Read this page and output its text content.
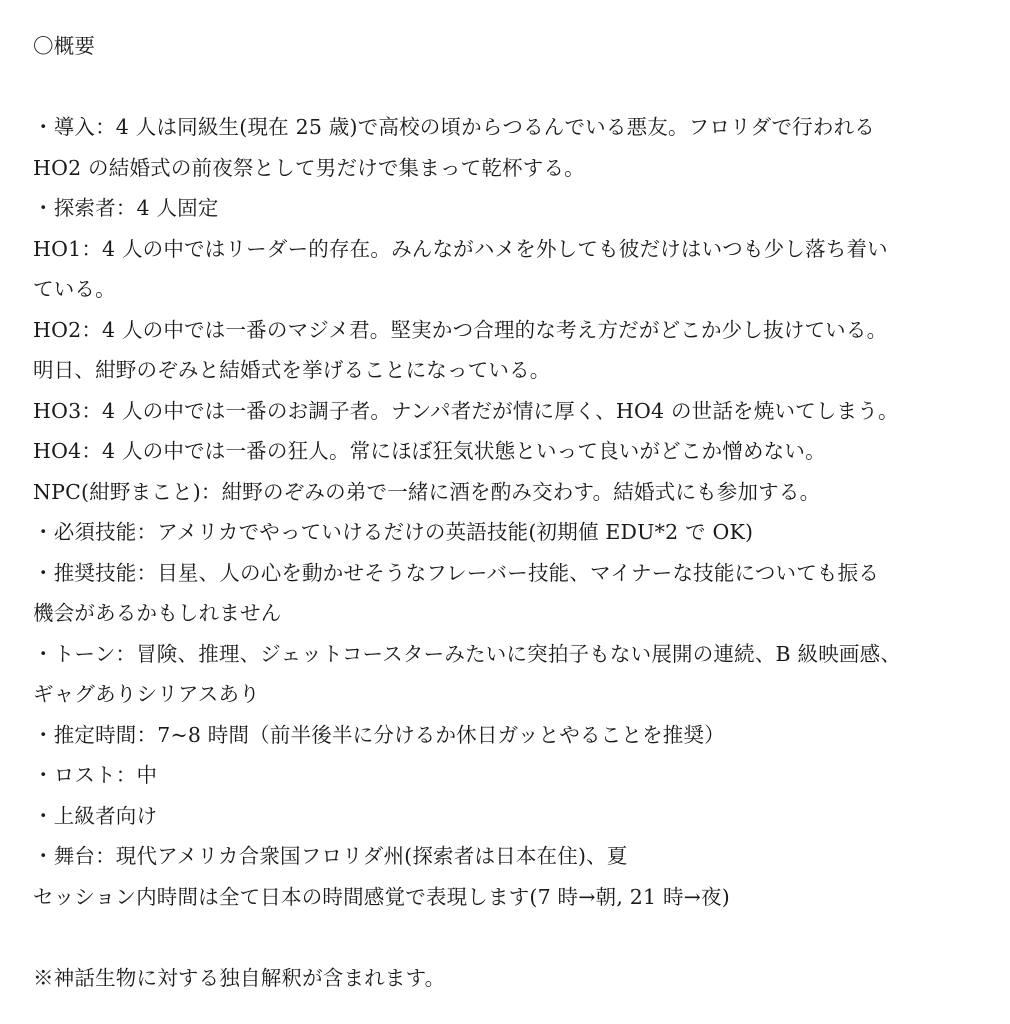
〇概要
・導入：4 人は同級生(現在 25 歳)で高校の頃からつるんでいる悪友。フロリダで行われる
HO2 の結婚式の前夜祭として男だけで集まって乾杯する。
・探索者：4 人固定
HO1：4 人の中ではリーダー的存在。みんながハメを外しても彼だけはいつも少し落ち着い
ている。
HO2：4 人の中では一番のマジメ君。堅実かつ合理的な考え方だがどこか少し抜けている。
明日、紺野のぞみと結婚式を挙げることになっている。
HO3：4 人の中では一番のお調子者。ナンパ者だが情に厚く、HO4 の世話を焼いてしまう。
HO4：4 人の中では一番の狂人。常にほぼ狂気状態といって良いがどこか憎めない。
NPC(紺野まこと)：紺野のぞみの弟で一緒に酒を酌み交わす。結婚式にも参加する。
・必須技能：アメリカでやっていけるだけの英語技能(初期値 EDU*2 で OK)
・推奨技能：目星、人の心を動かせそうなフレーバー技能、マイナーな技能についても振る
機会があるかもしれません
・トーン：冒険、推理、ジェットコースターみたいに突拍子もない展開の連続、B 級映画感、
ギャグありシリアスあり
・推定時間：7~8 時間（前半後半に分けるか休日ガッとやることを推奨）
・ロスト：中
・上級者向け
・舞台：現代アメリカ合衆国フロリダ州(探索者は日本在住)、夏
セッション内時間は全て日本の時間感覚で表現します(7 時→朝, 21 時→夜)
※神話生物に対する独自解釈が含まれます。
